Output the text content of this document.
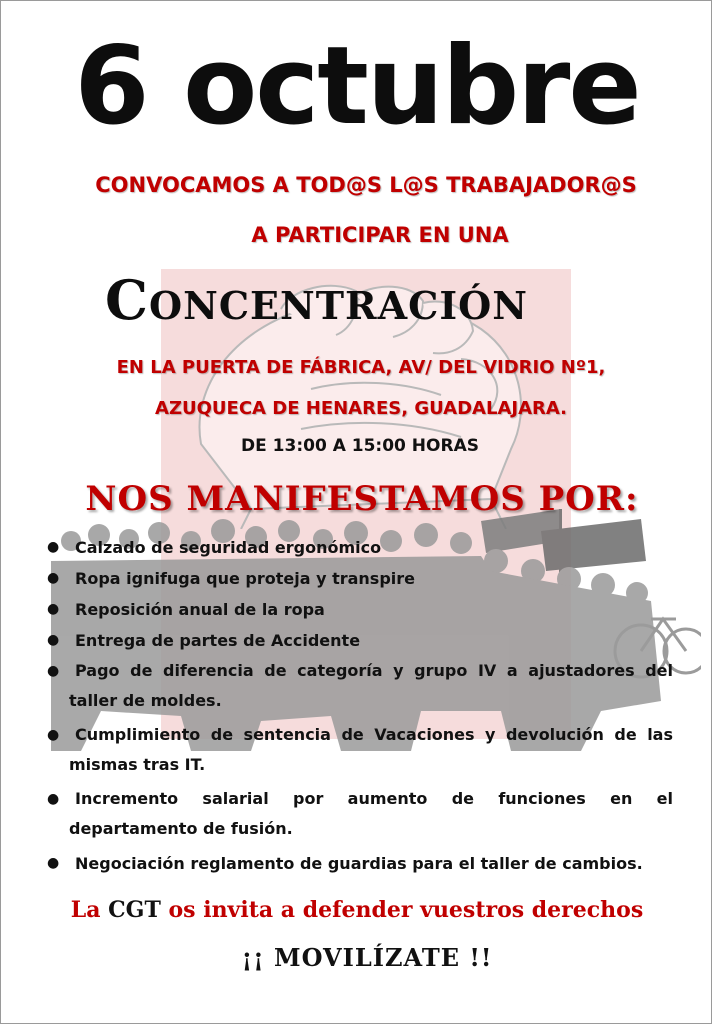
6 octubre
CONVOCAMOS A TOD@S L@S TRABAJADOR@S
A PARTICIPAR EN UNA
Concentración
EN LA PUERTA DE FÁBRICA, AV/ DEL VIDRIO Nº1,
AZUQUECA DE HENARES, GUADALAJARA.
DE 13:00 A 15:00 HORAS
NOS MANIFESTAMOS POR:
● Calzado de seguridad ergonómico
● Ropa ignifuga que proteja y transpire
● Reposición anual de la ropa
● Entrega de partes de Accidente
● Pago de diferencia de categoría y grupo IV a ajustadores del taller de moldes.
● Cumplimiento de sentencia de Vacaciones y devolución de las mismas tras IT.
● Incremento salarial por aumento de funciones en el departamento de fusión.
● Negociación reglamento de guardias para el taller de cambios.
La CGT os invita a defender vuestros derechos
¡¡ MOVILÍZATE !!
